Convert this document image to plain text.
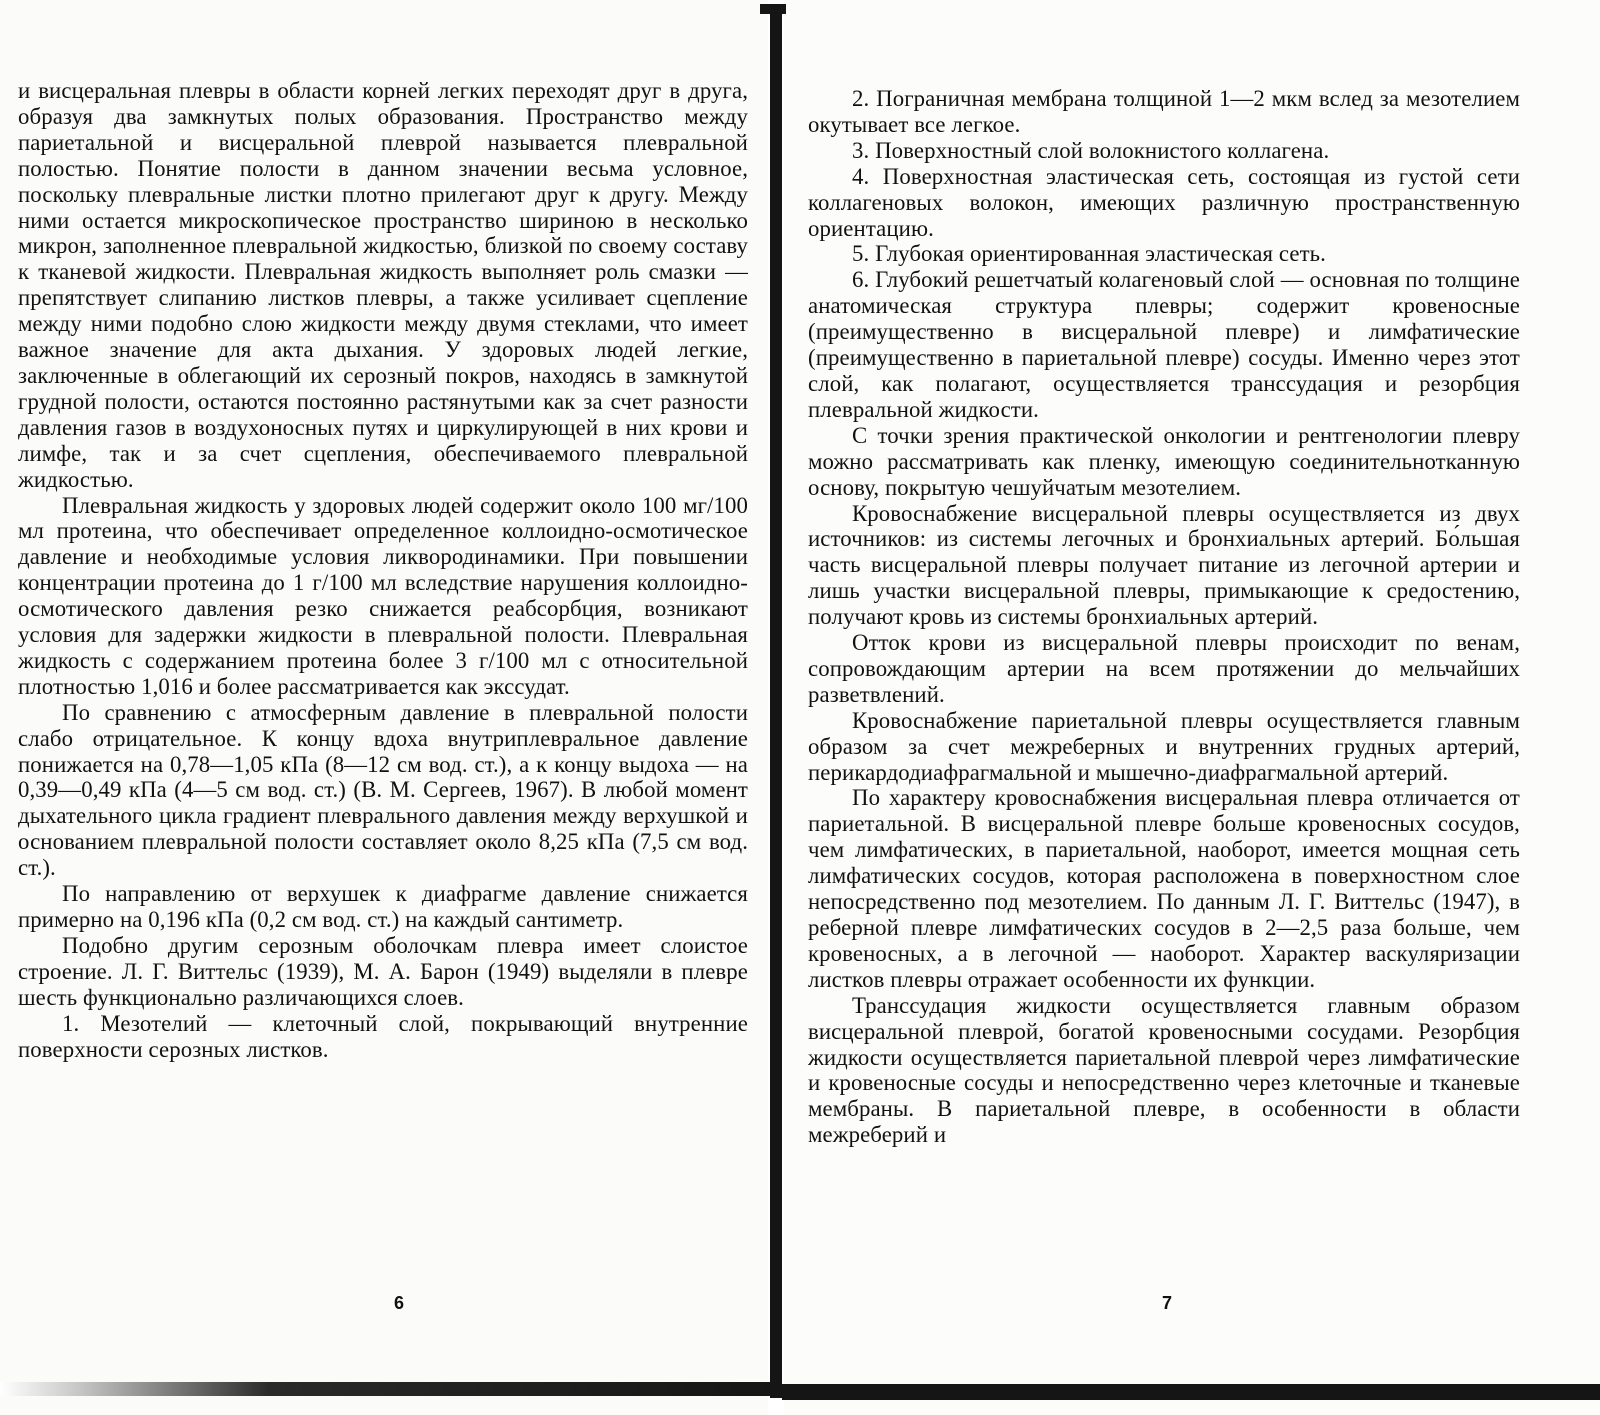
и висцеральная плевры в области корней легких переходят друг в друга, образуя два замкнутых полых образования. Пространство между париетальной и висцеральной плеврой называется плевральной полостью. Понятие полости в данном значении весьма условное, поскольку плевральные листки плотно прилегают друг к другу. Между ними остается микроскопическое пространство шириною в несколько микрон, заполненное плевральной жидкостью, близкой по своему составу к тканевой жидкости. Плевральная жидкость выполняет роль смазки — препятствует слипанию листков плевры, а также усиливает сцепление между ними подобно слою жидкости между двумя стеклами, что имеет важное значение для акта дыхания. У здоровых людей легкие, заключенные в облегающий их серозный покров, находясь в замкнутой грудной полости, остаются постоянно растянутыми как за счет разности давления газов в воздухоносных путях и циркулирующей в них крови и лимфе, так и за счет сцепления, обеспечиваемого плевральной жидкостью.

Плевральная жидкость у здоровых людей содержит около 100 мг/100 мл протеина, что обеспечивает определенное коллоидно-осмотическое давление и необходимые условия ликвородинамики. При повышении концентрации протеина до 1 г/100 мл вследствие нарушения коллоидно-осмотического давления резко снижается реабсорбция, возникают условия для задержки жидкости в плевральной полости. Плевральная жидкость с содержанием протеина более 3 г/100 мл с относительной плотностью 1,016 и более рассматривается как экссудат.

По сравнению с атмосферным давление в плевральной полости слабо отрицательное. К концу вдоха внутриплевральное давление понижается на 0,78—1,05 кПа (8—12 см вод. ст.), а к концу выдоха — на 0,39—0,49 кПа (4—5 см вод. ст.) (В. М. Сергеев, 1967). В любой момент дыхательного цикла градиент плеврального давления между верхушкой и основанием плевральной полости составляет около 8,25 кПа (7,5 см вод. ст.).

По направлению от верхушек к диафрагме давление снижается примерно на 0,196 кПа (0,2 см вод. ст.) на каждый сантиметр.

Подобно другим серозным оболочкам плевра имеет слоистое строение. Л. Г. Виттельс (1939), М. А. Барон (1949) выделяли в плевре шесть функционально различающихся слоев.

1. Мезотелий — клеточный слой, покрывающий внутренние поверхности серозных листков.

6	7

2. Пограничная мембрана толщиной 1—2 мкм вслед за мезотелием окутывает все легкое.

3. Поверхностный слой волокнистого коллагена.

4. Поверхностная эластическая сеть, состоящая из густой сети коллагеновых волокон, имеющих различную пространственную ориентацию.

5. Глубокая ориентированная эластическая сеть.

6. Глубокий решетчатый колагеновый слой — основная по толщине анатомическая структура плевры; содержит кровеносные (преимущественно в висцеральной плевре) и лимфатические (преимущественно в париетальной плевре) сосуды. Именно через этот слой, как полагают, осуществляется транссудация и резорбция плевральной жидкости.

С точки зрения практической онкологии и рентгенологии плевру можно рассматривать как пленку, имеющую соединительнотканную основу, покрытую чешуйчатым мезотелием.

Кровоснабжение висцеральной плевры осуществляется из двух источников: из системы легочных и бронхиальных артерий. Бо́льшая часть висцеральной плевры получает питание из легочной артерии и лишь участки висцеральной плевры, примыкающие к средостению, получают кровь из системы бронхиальных артерий.

Отток крови из висцеральной плевры происходит по венам, сопровождающим артерии на всем протяжении до мельчайших разветвлений.

Кровоснабжение париетальной плевры осуществляется главным образом за счет межреберных и внутренних грудных артерий, перикардодиафрагмальной и мышечно-диафрагмальной артерий.

По характеру кровоснабжения висцеральная плевра отличается от париетальной. В висцеральной плевре больше кровеносных сосудов, чем лимфатических, в париетальной, наоборот, имеется мощная сеть лимфатических сосудов, которая расположена в поверхностном слое непосредственно под мезотелием. По данным Л. Г. Виттельс (1947), в реберной плевре лимфатических сосудов в 2—2,5 раза больше, чем кровеносных, а в легочной — наоборот. Характер васкуляризации листков плевры отражает особенности их функции.

Транссудация жидкости осуществляется главным образом висцеральной плеврой, богатой кровеносными сосудами. Резорбция жидкости осуществляется париетальной плеврой через лимфатические и кровеносные сосуды и непосредственно через клеточные и тканевые мембраны. В париетальной плевре, в особенности в области межреберий и
